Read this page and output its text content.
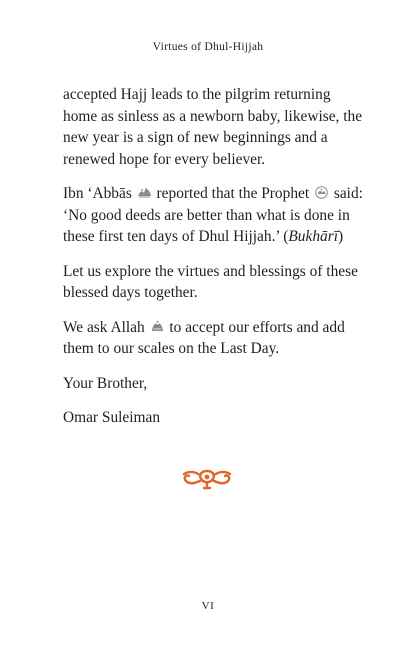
Virtues of Dhul-Hijjah

accepted Hajj leads to the pilgrim returning home as sinless as a newborn baby, likewise, the new year is a sign of new beginnings and a renewed hope for every believer.

Ibn ‘Abbās reported that the Prophet said: ‘No good deeds are better than what is done in these first ten days of Dhul Hijjah.’ (Bukhārī)

Let us explore the virtues and blessings of these blessed days together.

We ask Allah to accept our efforts and add them to our scales on the Last Day.

Your Brother,

Omar Suleiman

VI
